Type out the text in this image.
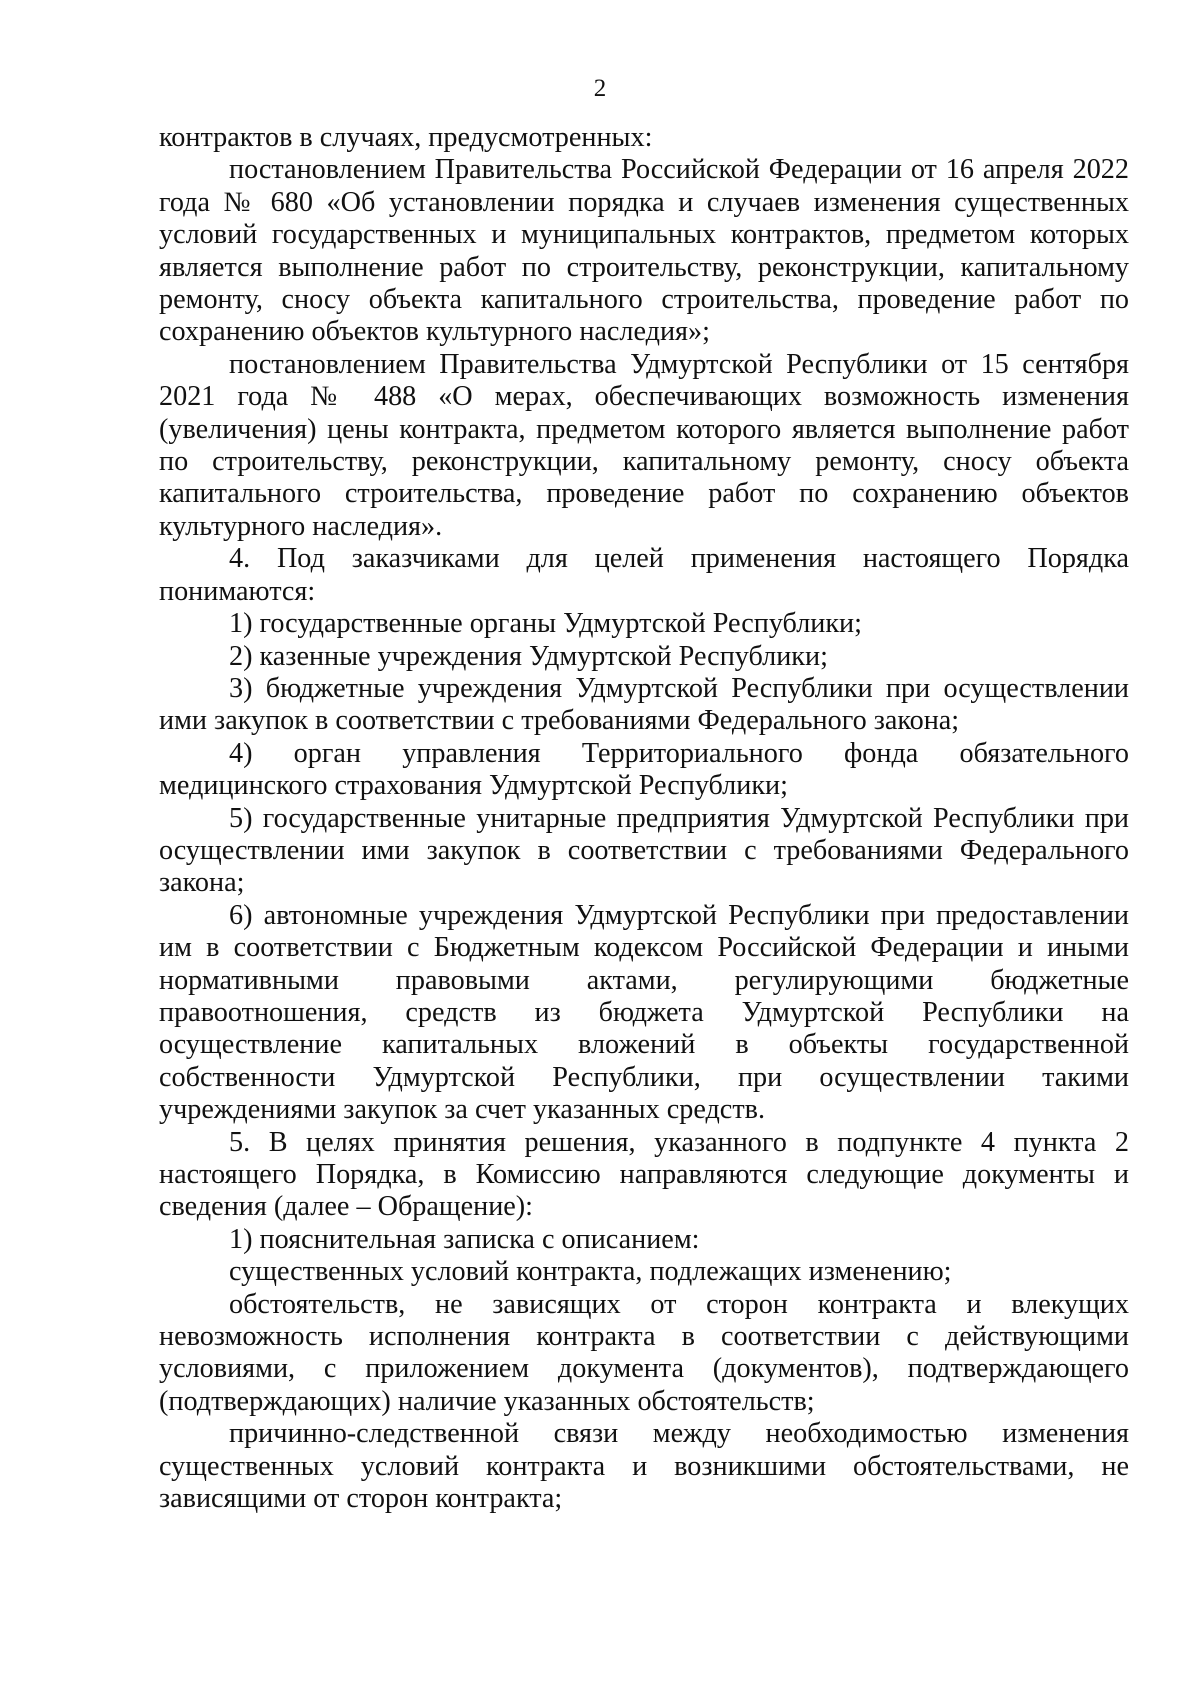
2

контрактов в случаях, предусмотренных:

постановлением Правительства Российской Федерации от 16 апреля 2022 года № 680 «Об установлении порядка и случаев изменения существенных условий государственных и муниципальных контрактов, предметом которых является выполнение работ по строительству, реконструкции, капитальному ремонту, сносу объекта капитального строительства, проведение работ по сохранению объектов культурного наследия»;

постановлением Правительства Удмуртской Республики от 15 сентября 2021 года № 488 «О мерах, обеспечивающих возможность изменения (увеличения) цены контракта, предметом которого является выполнение работ по строительству, реконструкции, капитальному ремонту, сносу объекта капитального строительства, проведение работ по сохранению объектов культурного наследия».

4. Под заказчиками для целей применения настоящего Порядка понимаются:

1) государственные органы Удмуртской Республики;

2) казенные учреждения Удмуртской Республики;

3) бюджетные учреждения Удмуртской Республики при осуществлении ими закупок в соответствии с требованиями Федерального закона;

4) орган управления Территориального фонда обязательного медицинского страхования Удмуртской Республики;

5) государственные унитарные предприятия Удмуртской Республики при осуществлении ими закупок в соответствии с требованиями Федерального закона;

6) автономные учреждения Удмуртской Республики при предоставлении им в соответствии с Бюджетным кодексом Российской Федерации и иными нормативными правовыми актами, регулирующими бюджетные правоотношения, средств из бюджета Удмуртской Республики на осуществление капитальных вложений в объекты государственной собственности Удмуртской Республики, при осуществлении такими учреждениями закупок за счет указанных средств.

5. В целях принятия решения, указанного в подпункте 4 пункта 2 настоящего Порядка, в Комиссию направляются следующие документы и сведения (далее – Обращение):

1) пояснительная записка с описанием:

существенных условий контракта, подлежащих изменению;

обстоятельств, не зависящих от сторон контракта и влекущих невозможность исполнения контракта в соответствии с действующими условиями, с приложением документа (документов), подтверждающего (подтверждающих) наличие указанных обстоятельств;

причинно-следственной связи между необходимостью изменения существенных условий контракта и возникшими обстоятельствами, не зависящими от сторон контракта;
